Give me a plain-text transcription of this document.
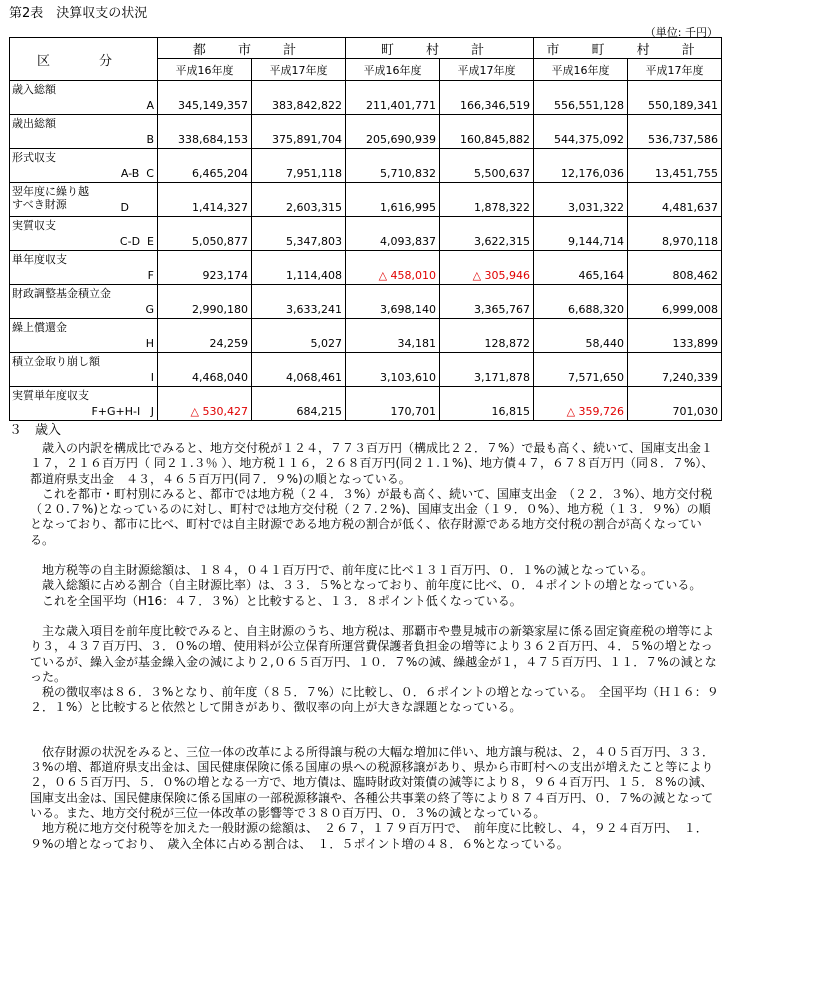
第2表　決算収支の状況
（単位: 千円）
区　分	都 市 計		町 村 計		市 町 村 計	
	平成16年度	平成17年度	平成16年度	平成17年度	平成16年度	平成17年度

歳入総額
A	345,149,357	383,842,822	211,401,771	166,346,519	556,551,128	550,189,341

歳出総額
B	338,684,153	375,891,704	205,690,939	160,845,882	544,375,092	536,737,586

形式収支
A-B  C	6,465,204	7,951,118	5,710,832	5,500,637	12,176,036	13,451,755

翌年度に繰り越
すべき財源 D	1,414,327	2,603,315	1,616,995	1,878,322	3,031,322	4,481,637

実質収支
C-D  E	5,050,877	5,347,803	4,093,837	3,622,315	9,144,714	8,970,118

単年度収支
F	923,174	1,114,408	△ 458,010	△ 305,946	465,164	808,462

財政調整基金積立金
G	2,990,180	3,633,241	3,698,140	3,365,767	6,688,320	6,999,008

繰上償還金
H	24,259	5,027	34,181	128,872	58,440	133,899

積立金取り崩し額
I	4,468,040	4,068,461	3,103,610	3,171,878	7,571,650	7,240,339

実質単年度収支
F+G+H-I   J	△ 530,427	684,215	170,701	16,815	△ 359,726	701,030
３　歳入

歳入の内訳を構成比でみると、地方交付税が１２４，７７３百万円（構成比２２．７%）で最も高く、続いて、国庫支出金１１７，２１６百万円（ 同２１.３％ ）、地方税１１６，２６８百万円(同２１.１%)、地方債４７，６７８百万円（同８．７%）、都道府県支出金　４３，４６５百万円(同７．９%)の順となっている。

これを都市・町村別にみると、都市では地方税（２４．３%）が最も高く、続いて、国庫支出金　（２２．３%）、地方交付税（２０.７%)となっているのに対し、町村では地方交付税（２７.２%)、国庫支出金（１９．０%）、地方税（１３．９%）の順となっており、都市に比べ、町村では自主財源である地方税の割合が低く、依存財源である地方交付税の割合が高くなっている。

地方税等の自主財源総額は、１８４，０４１百万円で、前年度に比べ１３１百万円、０．１%の減となっている。

歳入総額に占める割合（自主財源比率）は、３３．５%となっており、前年度に比べ、０．４ポイントの増となっている。

これを全国平均（H16：４７．３%）と比較すると、１３．８ポイント低くなっている。

主な歳入項目を前年度比較でみると、自主財源のうち、地方税は、那覇市や豊見城市の新築家屋に係る固定資産税の増等により３，４３７百万円、３．０%の増、使用料が公立保育所運営費保護者負担金の増等により３６２百万円、４．５%の増となっているが、繰入金が基金繰入金の減により２,０６５百万円、１０．７%の減、繰越金が１，４７５百万円、１１．７%の減となった。

税の徴収率は８６．３%となり、前年度（８５．７%）に比較し、０．６ポイントの増となっている。　全国平均（Ｈ１６：９２．１%）と比較すると依然として開きがあり、徴収率の向上が大きな課題となっている。

依存財源の状況をみると、三位一体の改革による所得譲与税の大幅な増加に伴い、地方譲与税は、２，４０５百万円、３３．３%の増、都道府県支出金は、国民健康保険に係る国庫の県への税源移譲があり、県から市町村への支出が増えたこと等により２，０６５百万円、５．０%の増となる一方で、地方債は、臨時財政対策債の減等により８，９６４百万円、１５．８%の減、国庫支出金は、国民健康保険に係る国庫の一部税源移譲や、各種公共事業の終了等により８７４百万円、０．７%の減となっている。また、地方交付税が三位一体改革の影響等で３８０百万円、０．３%の減となっている。

地方税に地方交付税等を加えた一般財源の総額は、　２６７，１７９百万円で、　前年度に比較し、４，９２４百万円、　１．９%の増となっており、　歳入全体に占める割合は、　１．５ポイント増の４８．６%となっている。
